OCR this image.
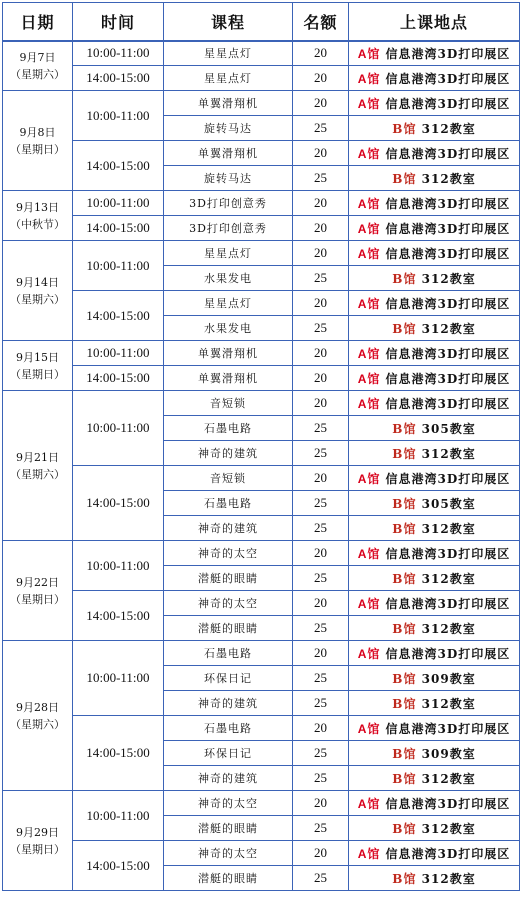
日期	时间	课程	名额	上课地点

9月7日
（星期六）	10:00-11:00	星星点灯	20	A馆 信息港湾3D打印展区
	14:00-15:00	星星点灯	20	A馆 信息港湾3D打印展区

9月8日
（星期日）	10:00-11:00	单翼滑翔机	20	A馆 信息港湾3D打印展区
		旋转马达	25	B馆 312教室
	14:00-15:00	单翼滑翔机	20	A馆 信息港湾3D打印展区
		旋转马达	25	B馆 312教室

9月13日
（中秋节）	10:00-11:00	3D打印创意秀	20	A馆 信息港湾3D打印展区
	14:00-15:00	3D打印创意秀	20	A馆 信息港湾3D打印展区

9月14日
（星期六）	10:00-11:00	星星点灯	20	A馆 信息港湾3D打印展区
		水果发电	25	B馆 312教室
	14:00-15:00	星星点灯	20	A馆 信息港湾3D打印展区
		水果发电	25	B馆 312教室

9月15日
（星期日）	10:00-11:00	单翼滑翔机	20	A馆 信息港湾3D打印展区
	14:00-15:00	单翼滑翔机	20	A馆 信息港湾3D打印展区

9月21日
（星期六）	10:00-11:00	音短锁	20	A馆 信息港湾3D打印展区
		石墨电路	25	B馆 305教室
		神奇的建筑	25	B馆 312教室
	14:00-15:00	音短锁	20	A馆 信息港湾3D打印展区
		石墨电路	25	B馆 305教室
		神奇的建筑	25	B馆 312教室

9月22日
（星期日）	10:00-11:00	神奇的太空	20	A馆 信息港湾3D打印展区
		潜艇的眼睛	25	B馆 312教室
	14:00-15:00	神奇的太空	20	A馆 信息港湾3D打印展区
		潜艇的眼睛	25	B馆 312教室

9月28日
（星期六）	10:00-11:00	石墨电路	20	A馆 信息港湾3D打印展区
		环保日记	25	B馆 309教室
		神奇的建筑	25	B馆 312教室
	14:00-15:00	石墨电路	20	A馆 信息港湾3D打印展区
		环保日记	25	B馆 309教室
		神奇的建筑	25	B馆 312教室

9月29日
（星期日）	10:00-11:00	神奇的太空	20	A馆 信息港湾3D打印展区
		潜艇的眼睛	25	B馆 312教室
	14:00-15:00	神奇的太空	20	A馆 信息港湾3D打印展区
		潜艇的眼睛	25	B馆 312教室
